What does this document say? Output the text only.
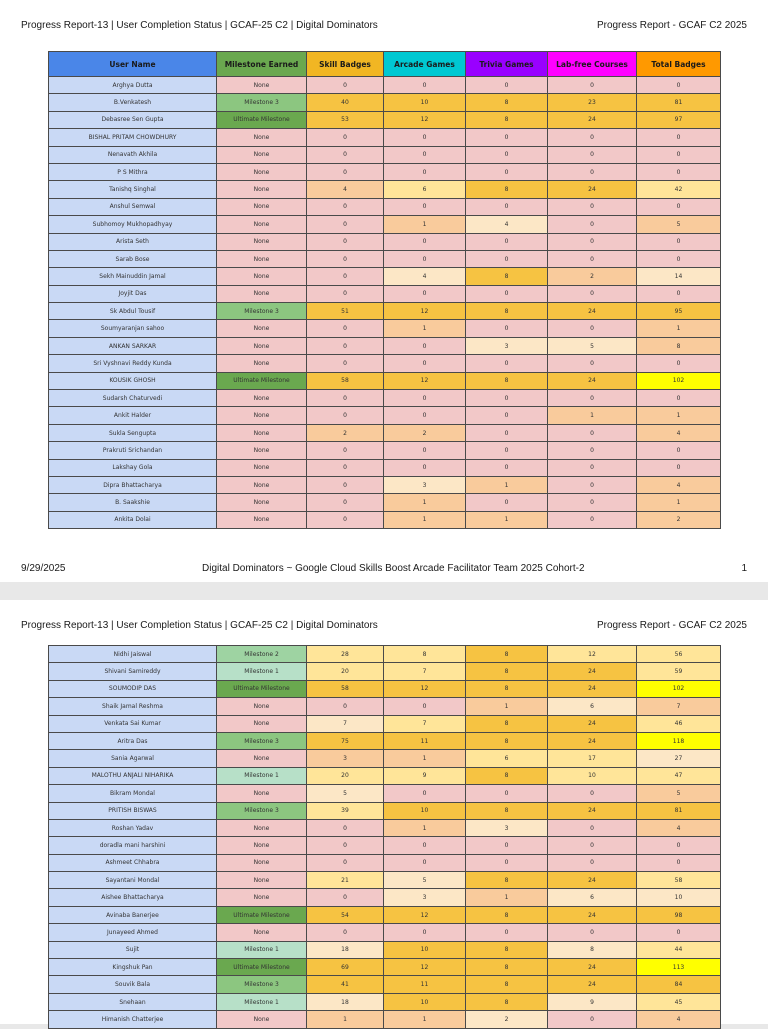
Progress Report-13 | User Completion Status | GCAF-25 C2 | Digital Dominators	Progress Report - GCAF C2 2025
User Name	Milestone Earned	Skill Badges	Arcade Games	Trivia Games	Lab-free Courses	Total Badges
Arghya Dutta	None	0	0	0	0	0
B.Venkatesh	Milestone 3	40	10	8	23	81
Debasree Sen Gupta	Ultimate Milestone	53	12	8	24	97
BISHAL PRITAM CHOWDHURY	None	0	0	0	0	0
Nenavath Akhila	None	0	0	0	0	0
P S Mithra	None	0	0	0	0	0
Tanishq Singhal	None	4	6	8	24	42
Anshul Semwal	None	0	0	0	0	0
Subhomoy Mukhopadhyay	None	0	1	4	0	5
Arista Seth	None	0	0	0	0	0
Sarab Bose	None	0	0	0	0	0
Sekh Mainuddin Jamal	None	0	4	8	2	14
Joyjit Das	None	0	0	0	0	0
Sk Abdul Tousif	Milestone 3	51	12	8	24	95
Soumyaranjan sahoo	None	0	1	0	0	1
ANKAN SARKAR	None	0	0	3	5	8
Sri Vyshnavi Reddy Kunda	None	0	0	0	0	0
KOUSIK GHOSH	Ultimate Milestone	58	12	8	24	102
Sudarsh Chaturvedi	None	0	0	0	0	0
Ankit Halder	None	0	0	0	1	1
Sukla Sengupta	None	2	2	0	0	4
Prakruti Srichandan	None	0	0	0	0	0
Lakshay Gola	None	0	0	0	0	0
Dipra Bhattacharya	None	0	3	1	0	4
B. Saakshie	None	0	1	0	0	1
Ankita Dolai	None	0	1	1	0	2
9/29/2025	Digital Dominators ~ Google Cloud Skills Boost Arcade Facilitator Team 2025 Cohort-2	1
Progress Report-13 | User Completion Status | GCAF-25 C2 | Digital Dominators	Progress Report - GCAF C2 2025
Nidhi Jaiswal	Milestone 2	28	8	8	12	56
Shivani Samireddy	Milestone 1	20	7	8	24	59
SOUMODIP DAS	Ultimate Milestone	58	12	8	24	102
Shaik Jamal Reshma	None	0	0	1	6	7
Venkata Sai Kumar	None	7	7	8	24	46
Aritra Das	Milestone 3	75	11	8	24	118
Sania Agarwal	None	3	1	6	17	27
MALOTHU ANJALI NIHARIKA	Milestone 1	20	9	8	10	47
Bikram Mondal	None	5	0	0	0	5
PRITISH BISWAS	Milestone 3	39	10	8	24	81
Roshan Yadav	None	0	1	3	0	4
doradla mani harshini	None	0	0	0	0	0
Ashmeet Chhabra	None	0	0	0	0	0
Sayantani Mondal	None	21	5	8	24	58
Aishee Bhattacharya	None	0	3	1	6	10
Avinaba Banerjee	Ultimate Milestone	54	12	8	24	98
Junayeed Ahmed	None	0	0	0	0	0
Sujit	Milestone 1	18	10	8	8	44
Kingshuk Pan	Ultimate Milestone	69	12	8	24	113
Souvik Bala	Milestone 3	41	11	8	24	84
Snehaan	Milestone 1	18	10	8	9	45
Himanish Chatterjee	None	1	1	2	0	4
